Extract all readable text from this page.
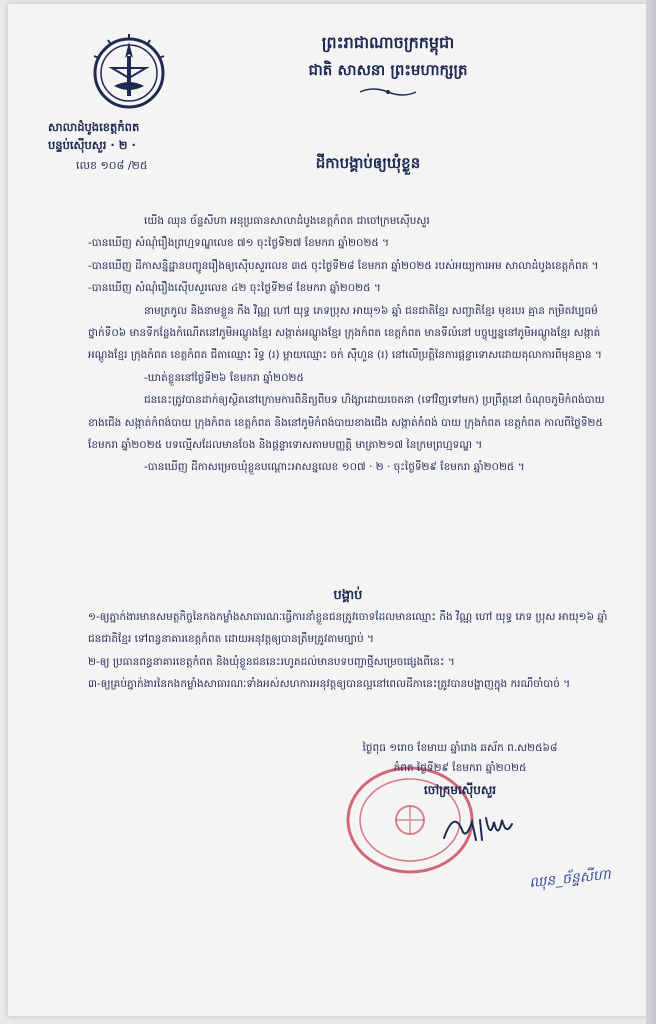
ព្រះរាជាណាចក្រកម្ពុជា
ជាតិ សាសនា ព្រះមហាក្សត្រ
សាលាដំបូងខេត្តកំពត
បន្ទប់ស៊ើបសួរ · ២ ·
លេខ ១០៨ /២៥	ដីកាបង្គាប់ឲ្យឃុំខ្លួន

យើង ឈុន ច័ន្ទសីហា អនុប្រធានសាលាដំបូងខេត្តកំពត ជាចៅក្រមស៊ើបសួរ

-បានឃើញ សំណុំរឿងព្រហ្មទណ្ឌលេខ ៧១ ចុះថ្ងៃទី២៧ ខែមករា ឆ្នាំ២០២៥ ។

-បានឃើញ ដីកាសន្និដ្ឋានបញ្ជូនរឿងឲ្យស៊ើបសួរលេខ ៣៥ ចុះថ្ងៃទី២៨ ខែមករា ឆ្នាំ២០២៥ របស់អយ្យការអម សាលាដំបូងខេត្តកំពត ។

-បានឃើញ សំណុំរឿងស៊ើបសួរលេខ ៤២ ចុះថ្ងៃទី២៨ ខែមករា ឆ្នាំ២០២៥ ។

នាមត្រកូល និងនាមខ្លួន កឹង វិណ្ណ ហៅ យុទ្ធ ភេទប្រុស អាយុ១៦ ឆ្នាំ ជនជាតិខ្មែរ សញ្ជាតិខ្មែរ មុខរបរ គ្មាន កម្រិតវប្បធម៌ថ្នាក់ទី០៦ មានទីកន្លែងកំណើតនៅភូមិអណ្ដូងខ្មែរ សង្កាត់អណ្ដូងខ្មែរ ក្រុងកំពត ខេត្តកំពត មានទីលំនៅ បច្ចុប្បន្ននៅភូមិអណ្ដូងខ្មែរ សង្កាត់អណ្ដូងខ្មែរ ក្រុងកំពត ខេត្តកំពត ជីតាឈ្មោះ រិទ្ធ (រ) ម្ដាយឈ្មោះ ចក់ ស៊ីហួន (រ) នៅលើប្រត្តិនៃការផ្ដន្ទាទោសដោយតុលាការពីមុនគ្មាន ។

-ឃាត់ខ្លួននៅថ្ងៃទី២៦ ខែមករា ឆ្នាំ២០២៥

ជននេះត្រូវបានដាក់ឲ្យស្ថិតនៅក្រោមការពិនិត្យពីបទ ហិង្សាដោយចេតនា (ទៅវិញទៅមក) ប្រព្រឹត្តនៅ ចំណុចភូមិកំពង់បាយខាងជើង សង្កាត់កំពង់បាយ ក្រុងកំពត ខេត្តកំពត និងនៅភូមិកំពង់បាយខាងជើង សង្កាត់កំពង់ បាយ ក្រុងកំពត ខេត្តកំពត កាលពីថ្ងៃទី២៥ ខែមករា ឆ្នាំ២០២៥ បទល្មើសដែលមានចែង និងផ្ដន្ទាទោសតាមបញ្ញត្តិ មាត្រា២១៧ នៃក្រមព្រហ្មទណ្ឌ ។

-បានឃើញ ដីកាសម្រេចឃុំខ្លួនបណ្ដោះអាសន្នលេខ ១០៧ · ២ · ចុះថ្ងៃទី២៩ ខែមករា ឆ្នាំ២០២៥ ។

បង្គាប់

១-ឲ្យភ្នាក់ងារមានសមត្ថកិច្ចនៃកងកម្លាំងសាធារណៈធ្វើការនាំខ្លួនជនត្រូវចោទដែលមានឈ្មោះ កឹង វិណ្ណ ហៅ យុទ្ធ ភេទ ប្រុស អាយុ១៦ ឆ្នាំ ជនជាតិខ្មែរ ទៅពន្ធនាគារខេត្តកំពត ដោយអនុវត្តឲ្យបានត្រឹមត្រូវតាមច្បាប់ ។

២-ឲ្យ ប្រធានពន្ធនាគារខេត្តកំពត និងឃុំខ្លួនជននេះរហូតដល់មានបទបញ្ជាថ្មីសម្រេចផ្សេងពីនេះ ។

៣-ឲ្យគ្រប់ភ្នាក់ងារនៃកងកម្លាំងសាធារណៈទាំងអស់សហការអនុវត្តឲ្យបានល្អនៅពេលដីកានេះត្រូវបានបង្ហាញក្នុង ករណីចាំបាច់ ។

ថ្ងៃពុធ ១រោច ខែមាឃ ឆ្នាំរោង ឆស័ក ព.ស២៥៦៨
កំពត ថ្ងៃទី២៩ ខែមករា ឆ្នាំ២០២៥
ចៅក្រមស៊ើបសួរ
ឈុន_ច័ន្ទសីហា
